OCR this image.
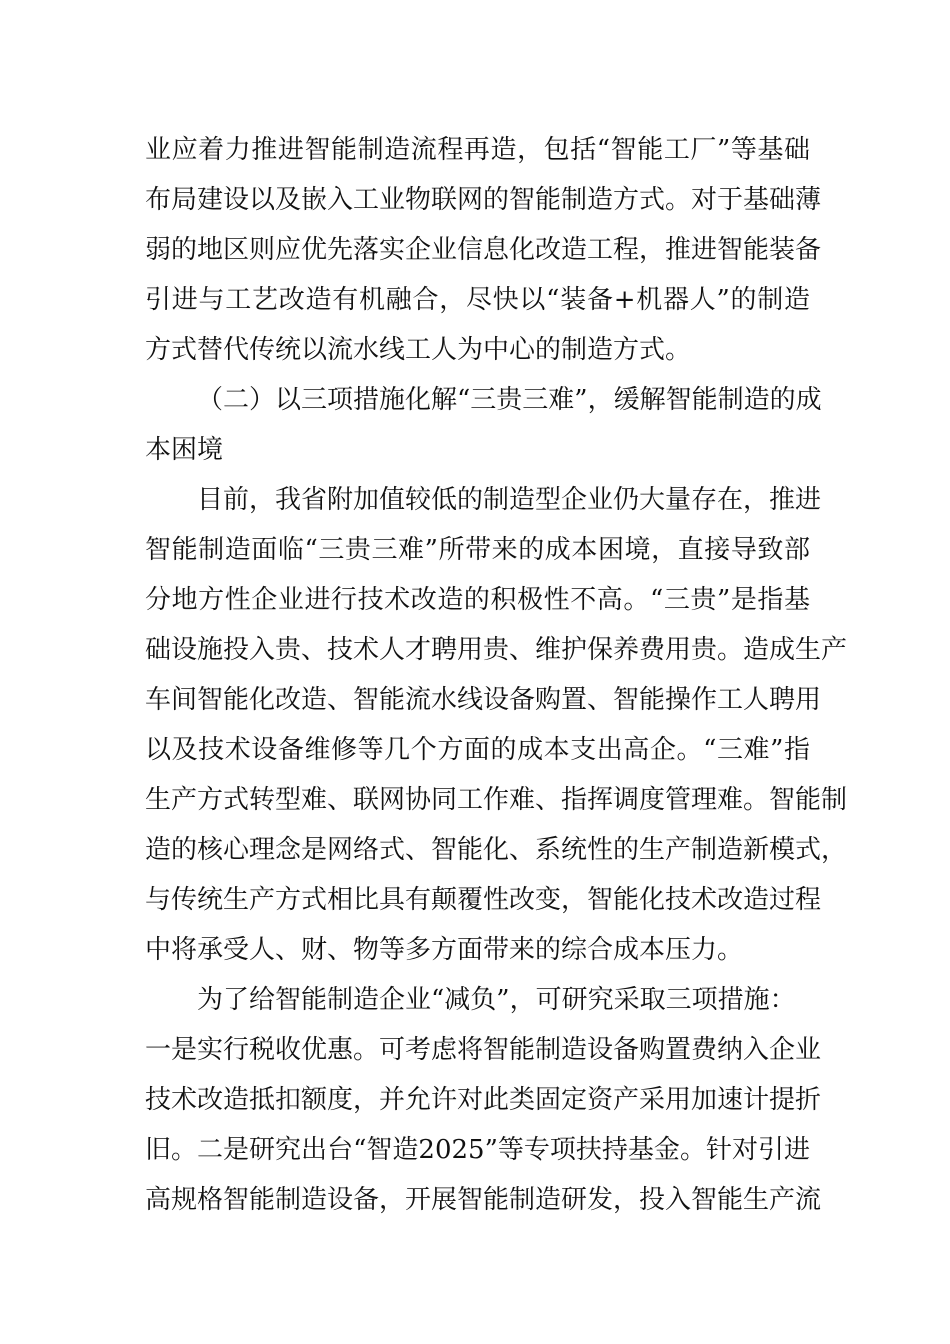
业应着力推进智能制造流程再造，包括“智能工厂”等基础
布局建设以及嵌入工业物联网的智能制造方式。对于基础薄
弱的地区则应优先落实企业信息化改造工程，推进智能装备
引进与工艺改造有机融合，尽快以“装备+机器人”的制造
方式替代传统以流水线工人为中心的制造方式。
（二）以三项措施化解“三贵三难”，缓解智能制造的成
本困境
目前，我省附加值较低的制造型企业仍大量存在，推进
智能制造面临“三贵三难”所带来的成本困境，直接导致部
分地方性企业进行技术改造的积极性不高。“三贵”是指基
础设施投入贵、技术人才聘用贵、维护保养费用贵。造成生产
车间智能化改造、智能流水线设备购置、智能操作工人聘用
以及技术设备维修等几个方面的成本支出高企。“三难”指
生产方式转型难、联网协同工作难、指挥调度管理难。智能制
造的核心理念是网络式、智能化、系统性的生产制造新模式，
与传统生产方式相比具有颠覆性改变，智能化技术改造过程
中将承受人、财、物等多方面带来的综合成本压力。
为了给智能制造企业“减负”，可研究采取三项措施：
一是实行税收优惠。可考虑将智能制造设备购置费纳入企业
技术改造抵扣额度，并允许对此类固定资产采用加速计提折
旧。二是研究出台“智造2025”等专项扶持基金。针对引进
高规格智能制造设备，开展智能制造研发，投入智能生产流
